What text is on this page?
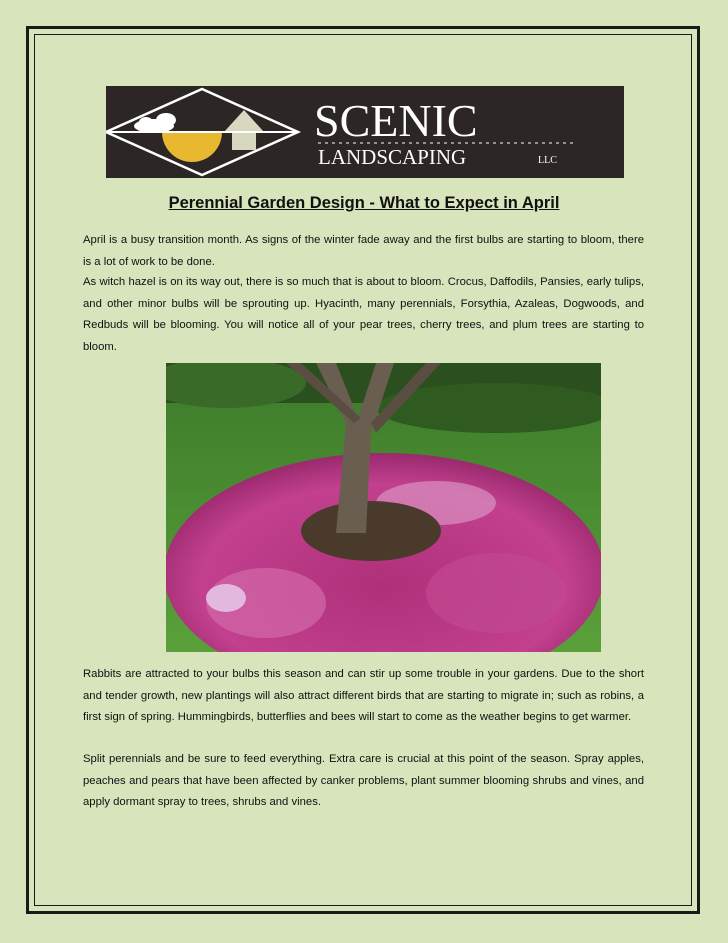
SCENIC
LANDSCAPING	LLC
Perennial Garden Design - What to Expect in April

April is a busy transition month. As signs of the winter fade away and the first bulbs are starting to bloom, there is a lot of work to be done.

As witch hazel is on its way out, there is so much that is about to bloom. Crocus, Daffodils, Pansies, early tulips, and other minor bulbs will be sprouting up. Hyacinth, many perennials, Forsythia, Azaleas, Dogwoods, and Redbuds will be blooming. You will notice all of your pear trees, cherry trees, and plum trees are starting to bloom.

Rabbits are attracted to your bulbs this season and can stir up some trouble in your gardens. Due to the short and tender growth, new plantings will also attract different birds that are starting to migrate in; such as robins, a first sign of spring. Hummingbirds, butterflies and bees will start to come as the weather begins to get warmer.

Split perennials and be sure to feed everything. Extra care is crucial at this point of the season. Spray apples, peaches and pears that have been affected by canker problems, plant summer blooming shrubs and vines, and apply dormant spray to trees, shrubs and vines.
